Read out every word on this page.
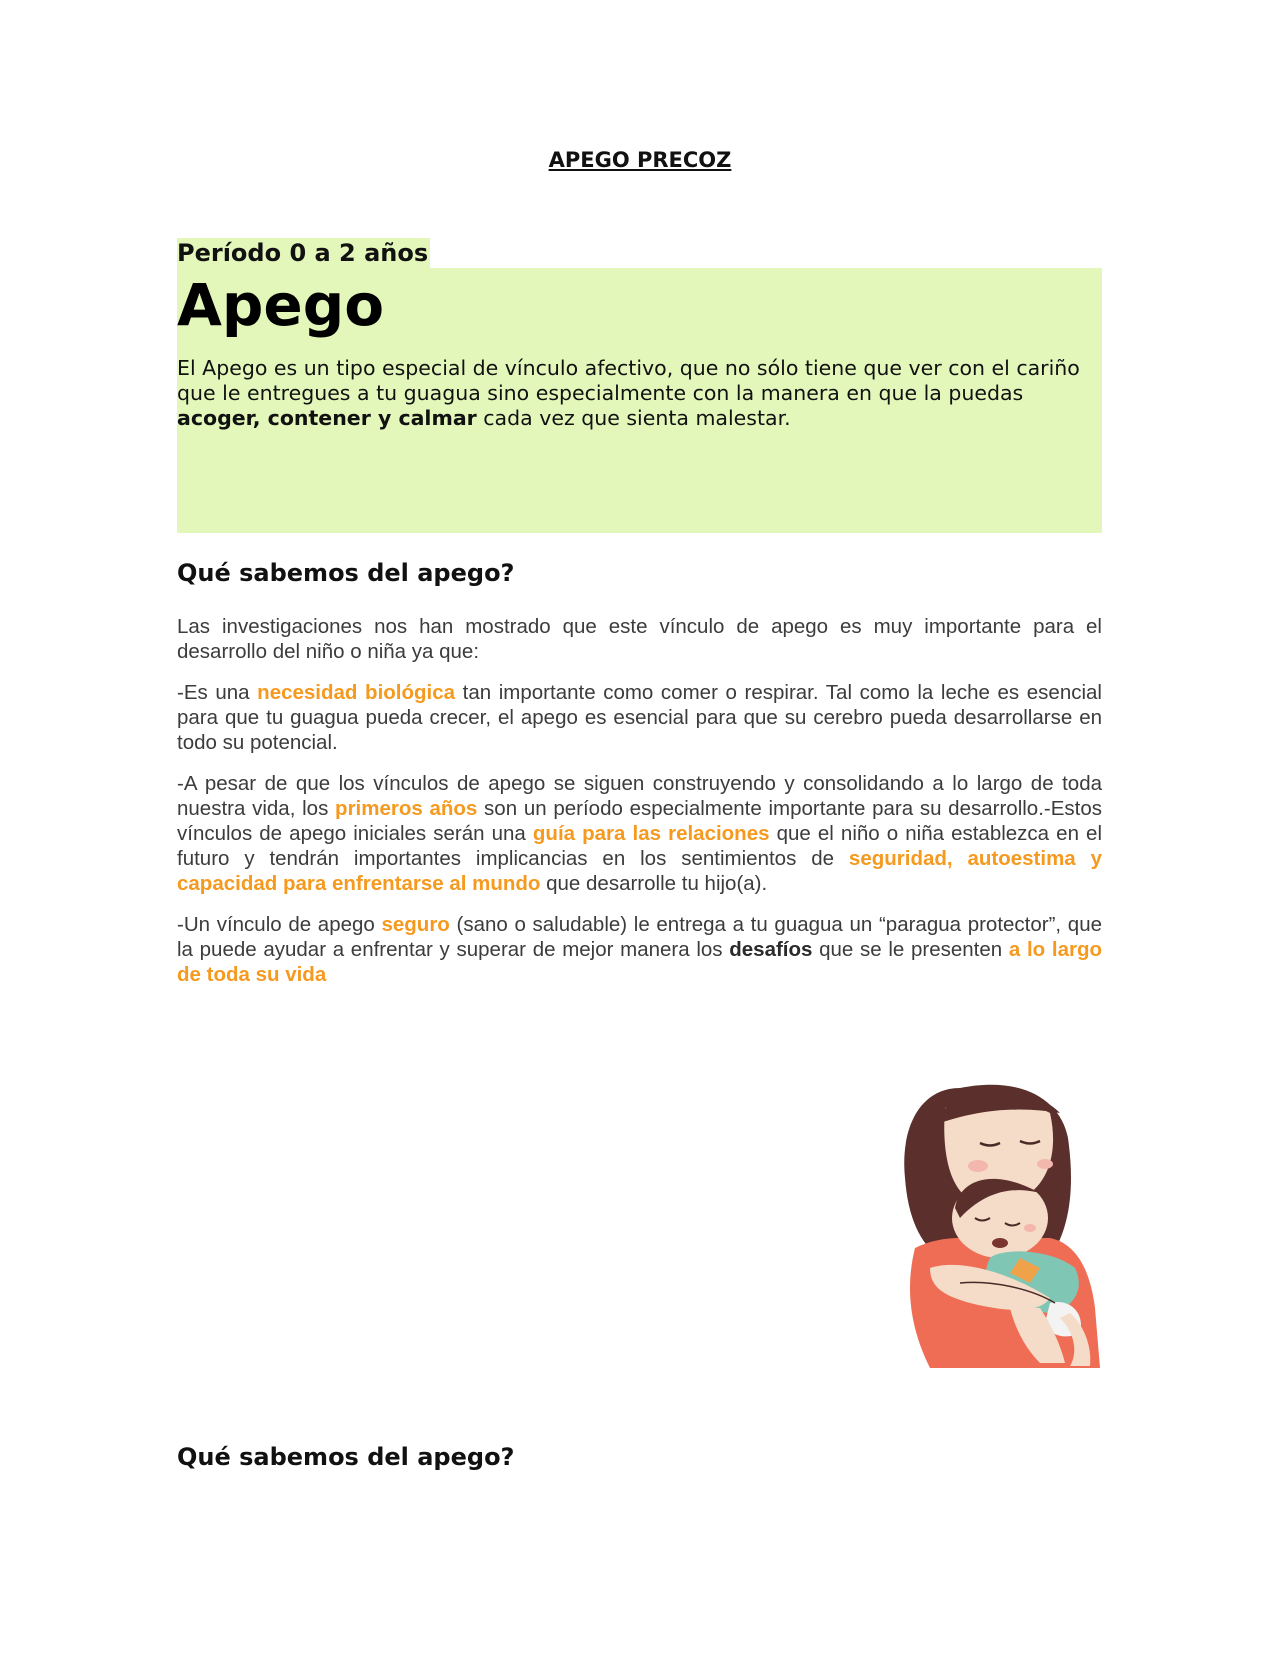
APEGO PRECOZ
Período 0 a 2 años
Apego

El Apego es un tipo especial de vínculo afectivo, que no sólo tiene que ver con el cariño que le entregues a tu guagua sino especialmente con la manera en que la puedas acoger, contener y calmar cada vez que sienta malestar.

Qué sabemos del apego?

Las investigaciones nos han mostrado que este vínculo de apego es muy importante para el desarrollo del niño o niña ya que:

-Es una necesidad biológica tan importante como comer o respirar. Tal como la leche es esencial para que tu guagua pueda crecer, el apego es esencial para que su cerebro pueda desarrollarse en todo su potencial.

-A pesar de que los vínculos de apego se siguen construyendo y consolidando a lo largo de toda nuestra vida, los primeros años son un período especialmente importante para su desarrollo.-Estos vínculos de apego iniciales serán una guía para las relaciones que el niño o niña establezca en el futuro y tendrán importantes implicancias en los sentimientos de seguridad, autoestima y capacidad para enfrentarse al mundo que desarrolle tu hijo(a).

-Un vínculo de apego seguro (sano o saludable) le entrega a tu guagua un “paragua protector”, que la puede ayudar a enfrentar y superar de mejor manera los desafíos que se le presenten a lo largo de toda su vida

Qué sabemos del apego?
